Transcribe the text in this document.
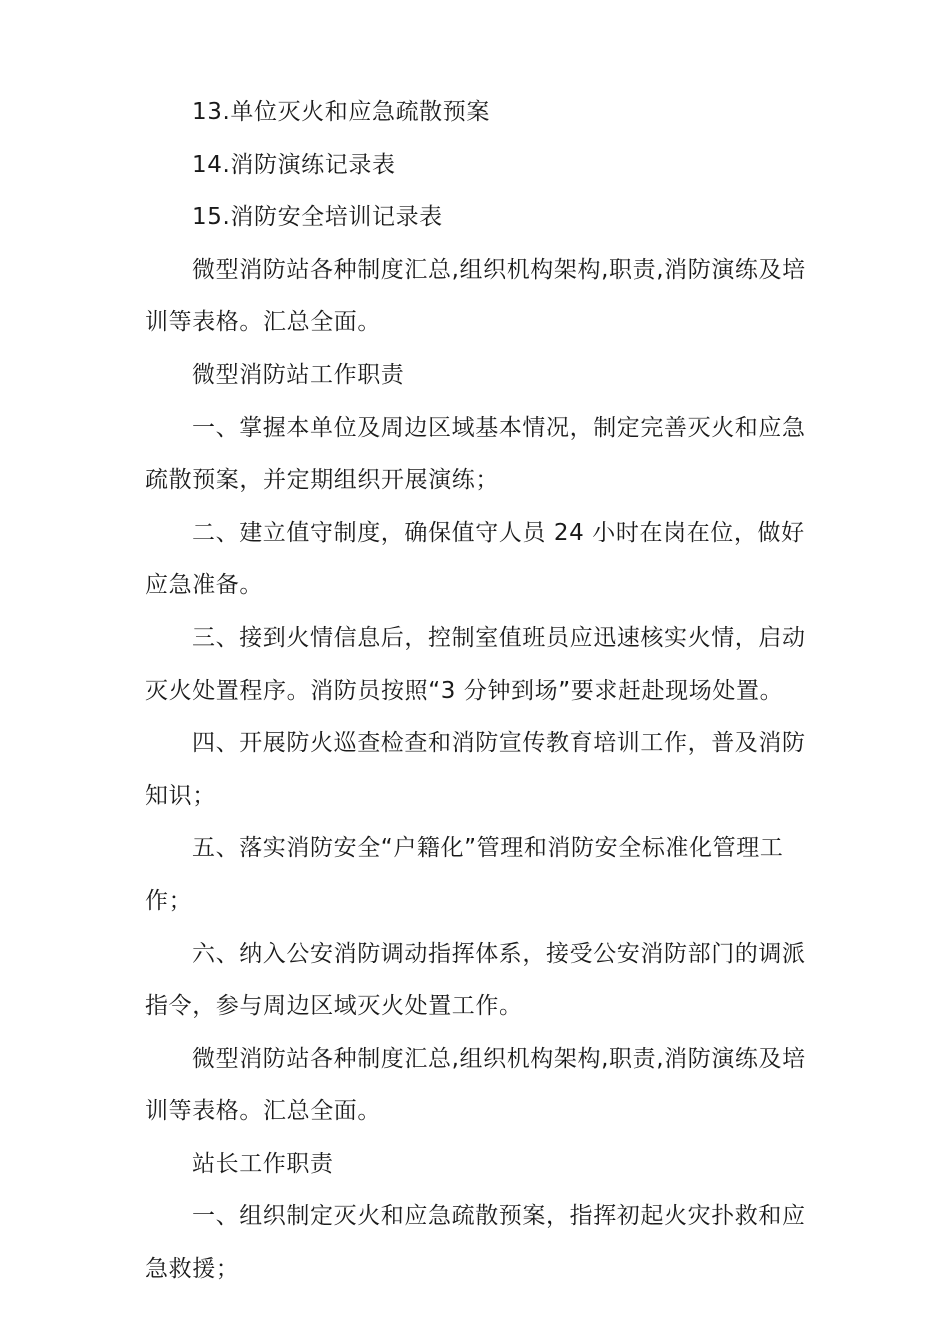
13.单位灭火和应急疏散预案

14.消防演练记录表

15.消防安全培训记录表

微型消防站各种制度汇总,组织机构架构,职责,消防演练及培训等表格。汇总全面。

微型消防站工作职责

一、掌握本单位及周边区域基本情况，制定完善灭火和应急疏散预案，并定期组织开展演练；

二、建立值守制度，确保值守人员 24 小时在岗在位，做好应急准备。

三、接到火情信息后，控制室值班员应迅速核实火情，启动灭火处置程序。消防员按照“3 分钟到场”要求赶赴现场处置。

四、开展防火巡查检查和消防宣传教育培训工作，普及消防知识；

五、落实消防安全“户籍化”管理和消防安全标准化管理工作；

六、纳入公安消防调动指挥体系，接受公安消防部门的调派指令，参与周边区域灭火处置工作。

微型消防站各种制度汇总,组织机构架构,职责,消防演练及培训等表格。汇总全面。

站长工作职责

一、组织制定灭火和应急疏散预案，指挥初起火灾扑救和应急救援；
